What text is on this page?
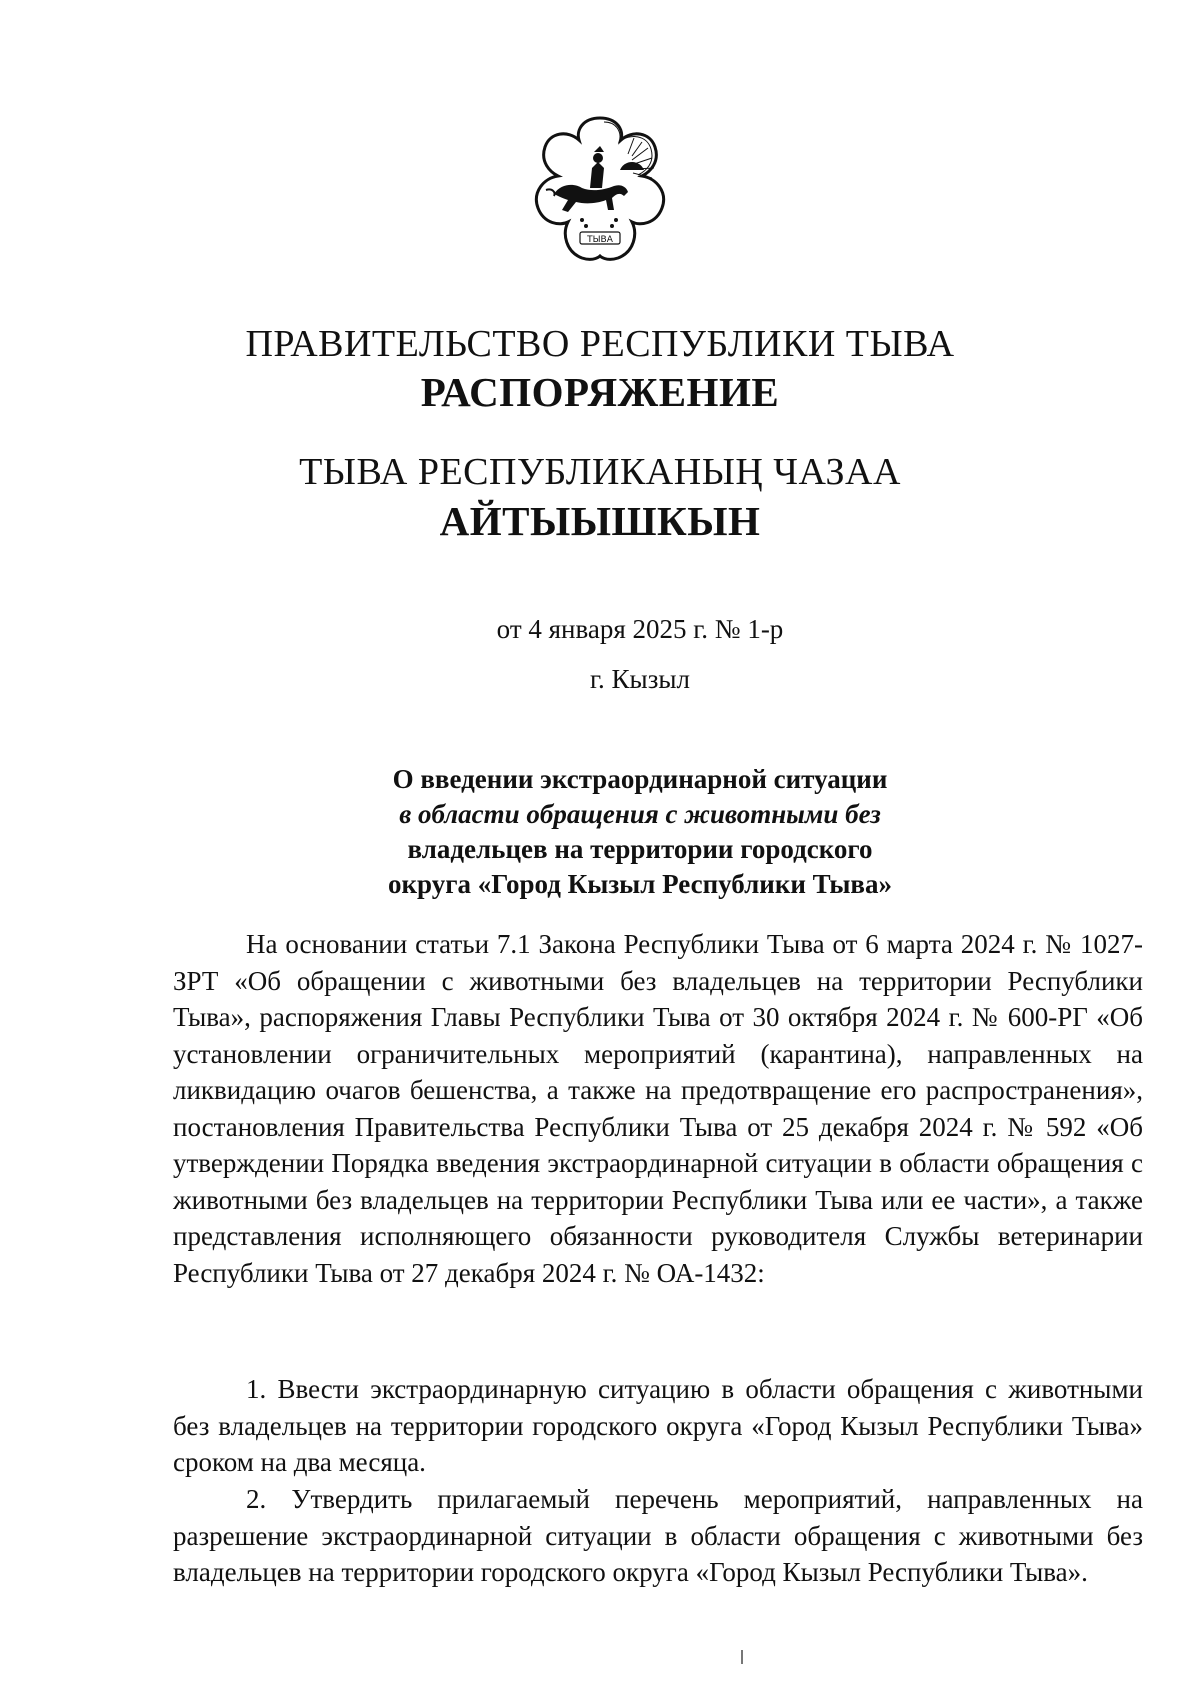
ТЫВА
ПРАВИТЕЛЬСТВО РЕСПУБЛИКИ ТЫВА
РАСПОРЯЖЕНИЕ
ТЫВА РЕСПУБЛИКАНЫҢ ЧАЗАА
АЙТЫЫШКЫН
от 4 января 2025 г. № 1-р
г. Кызыл
О введении экстраординарной ситуации
в области обращения с животными без
владельцев на территории городского
округа «Город Кызыл Республики Тыва»

На основании статьи 7.1 Закона Республики Тыва от 6 марта 2024 г. № 1027-ЗРТ «Об обращении с животными без владельцев на территории Республики Тыва», распоряжения Главы Республики Тыва от 30 октября 2024 г. № 600-РГ «Об установлении ограничительных мероприятий (карантина), направленных на ликвидацию очагов бешенства, а также на предотвращение его распространения», постановления Правительства Республики Тыва от 25 декабря 2024 г. № 592 «Об утверждении Порядка введения экстраординарной ситуации в области обращения с животными без владельцев на территории Республики Тыва или ее части», а также представления исполняющего обязанности руководителя Службы ветеринарии Республики Тыва от 27 декабря 2024 г. № ОА-1432:

1. Ввести экстраординарную ситуацию в области обращения с животными без владельцев на территории городского округа «Город Кызыл Республики Тыва» сроком на два месяца.

2. Утвердить прилагаемый перечень мероприятий, направленных на разрешение экстраординарной ситуации в области обращения с животными без владельцев на территории городского округа «Город Кызыл Республики Тыва».
